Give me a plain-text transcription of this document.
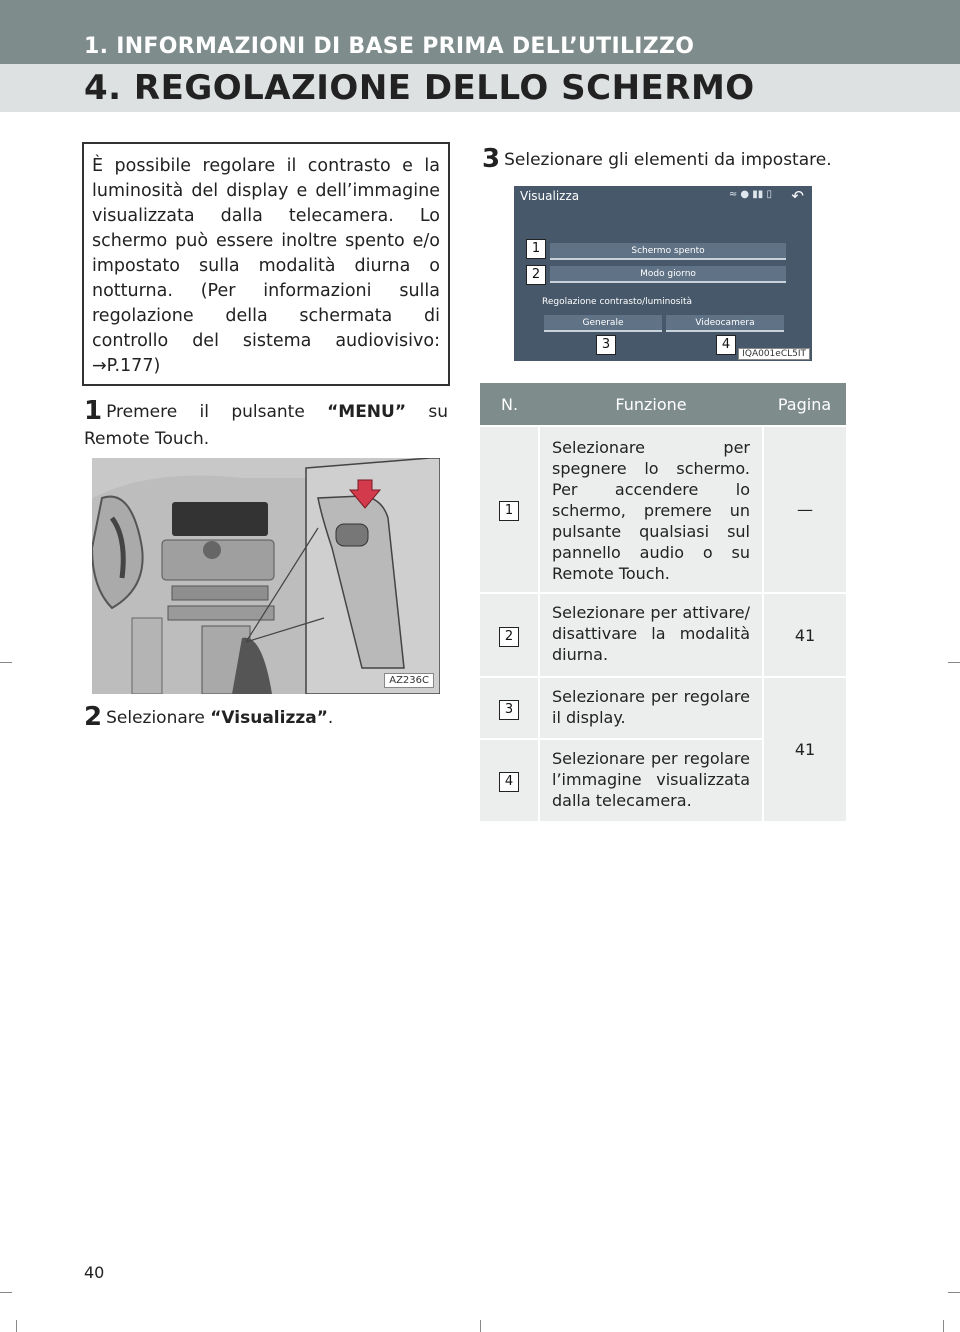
1. INFORMAZIONI DI BASE PRIMA DELL’UTILIZZO
4. REGOLAZIONE DELLO SCHERMO
È possibile regolare il contrasto e la luminosità del display e dell’immagine visualizzata dalla telecamera. Lo schermo può essere inoltre spento e/o impostato sulla modalità diurna o notturna. (Per informazioni sulla regolazione della schermata di controllo del sistema audiovisivo: →P.177)
1 Premere il pulsante “MENU” su Remote Touch.
AZ236C
2 Selezionare “Visualizza”.
3 Selezionare gli elementi da impostare.
Visualizza	≈ ● ▮▮ ▯ ↶
Schermo spento
Modo giorno
Regolazione contrasto/luminosità
Generale	Videocamera
1
2
3	4
IQA001eCL5IT
N.	Funzione	Pagina
1	Selezionare per spegnere lo schermo. Per accendere lo schermo, premere un pulsante qualsiasi sul pannello audio o su Remote Touch.	—
2	Selezionare per attivare/ disattivare la modalità diurna.	41
3	Selezionare per regolare il display.	41
4	Selezionare per regolare l’immagine visualizzata dalla telecamera.	
40
